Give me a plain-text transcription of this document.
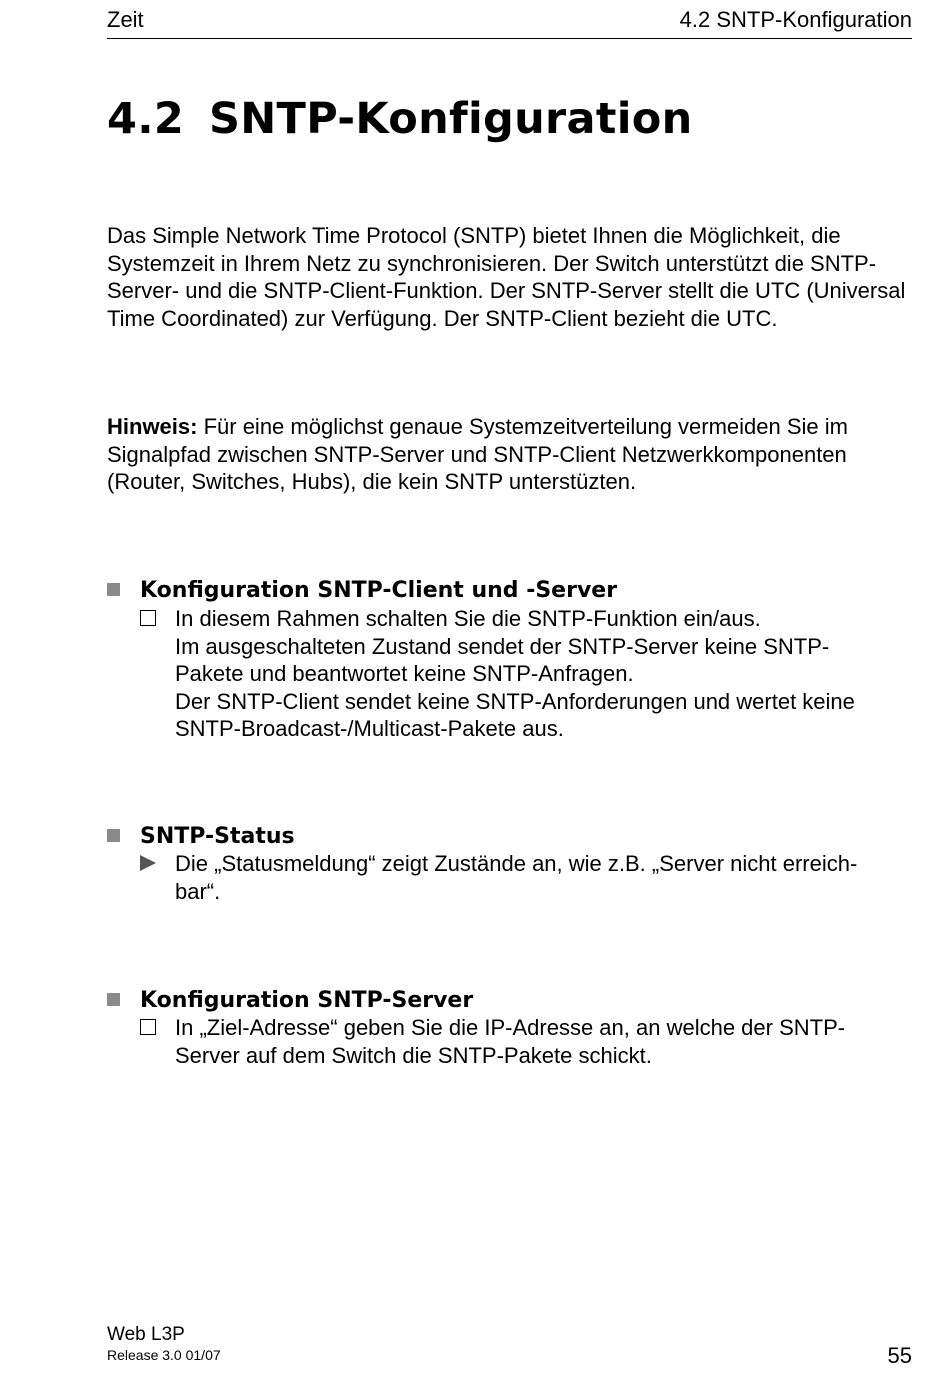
Zeit	4.2 SNTP-Konfiguration
4.2 SNTP-Konfiguration

Das Simple Network Time Protocol (SNTP) bietet Ihnen die Möglichkeit, die Systemzeit in Ihrem Netz zu synchronisieren. Der Switch unterstützt die SNTP-Server- und die SNTP-Client-Funktion. Der SNTP-Server stellt die UTC (Universal Time Coordinated) zur Verfügung. Der SNTP-Client bezieht die UTC.

Hinweis: Für eine möglichst genaue Systemzeitverteilung vermeiden Sie im Signalpfad zwischen SNTP-Server und SNTP-Client Netzwerkkomponenten (Router, Switches, Hubs), die kein SNTP unterstüzten.

Konfiguration SNTP-Client und -Server
In diesem Rahmen schalten Sie die SNTP-Funktion ein/aus.
Im ausgeschalteten Zustand sendet der SNTP-Server keine SNTP-
Pakete und beantwortet keine SNTP-Anfragen.
Der SNTP-Client sendet keine SNTP-Anforderungen und wertet keine
SNTP-Broadcast-/Multicast-Pakete aus.
SNTP-Status
Die „Statusmeldung“ zeigt Zustände an, wie z.B. „Server nicht erreich-
bar“.
Konfiguration SNTP-Server
In „Ziel-Adresse“ geben Sie die IP-Adresse an, an welche der SNTP-
Server auf dem Switch die SNTP-Pakete schickt.
Web L3P
Release 3.0 01/07	55
